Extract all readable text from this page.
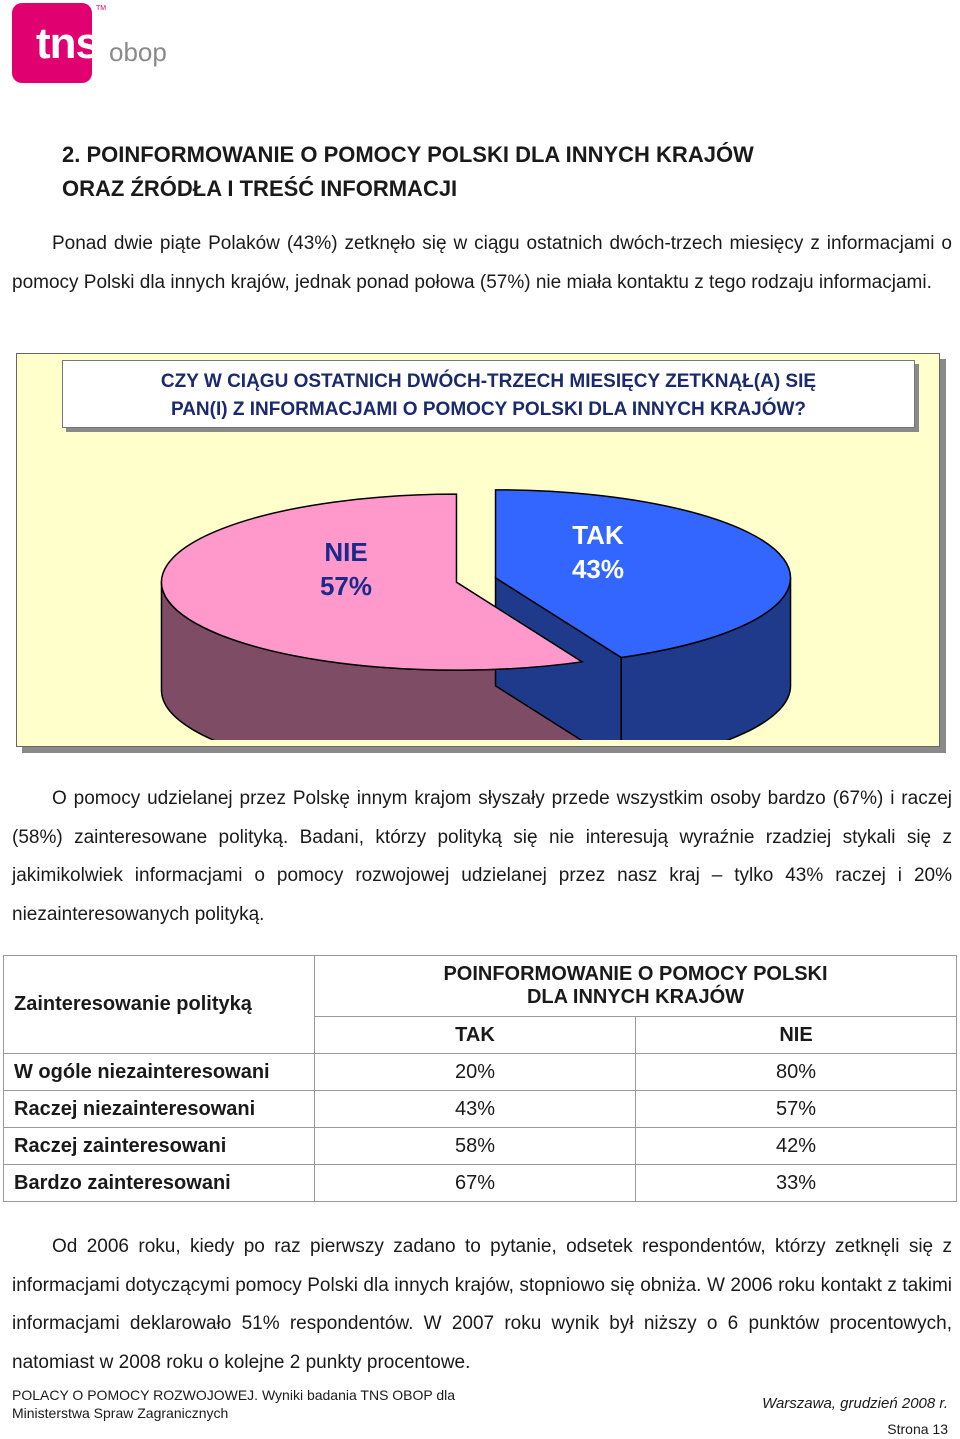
tns
TM
obop
2. POINFORMOWANIE O POMOCY POLSKI DLA INNYCH KRAJÓW
ORAZ ŹRÓDŁA I TREŚĆ INFORMACJI
Ponad dwie piąte Polaków (43%) zetknęło się w ciągu ostatnich dwóch-trzech miesięcy z informacjami o pomocy Polski dla innych krajów, jednak ponad połowa (57%) nie miała kontaktu z tego rodzaju informacjami.
CZY W CIĄGU OSTATNICH DWÓCH-TRZECH MIESIĘCY ZETKNĄŁ(A) SIĘ
PAN(I) Z INFORMACJAMI O POMOCY POLSKI DLA INNYCH KRAJÓW?
NIE
57%
TAK
43%
O pomocy udzielanej przez Polskę innym krajom słyszały przede wszystkim osoby bardzo (67%) i raczej (58%) zainteresowane polityką. Badani, którzy polityką się nie interesują wyraźnie rzadziej stykali się z jakimikolwiek informacjami o pomocy rozwojowej udzielanej przez nasz kraj – tylko 43% raczej i 20% niezainteresowanych polityką.
Zainteresowanie polityką	POINFORMOWANIE O POMOCY POLSKI
DLA INNYCH KRAJÓW	

	TAK	NIE
W ogóle niezainteresowani	20%	80%
Raczej niezainteresowani	43%	57%
Raczej zainteresowani	58%	42%
Bardzo zainteresowani	67%	33%
Od 2006 roku, kiedy po raz pierwszy zadano to pytanie, odsetek respondentów, którzy zetknęli się z informacjami dotyczącymi pomocy Polski dla innych krajów, stopniowo się obniża. W 2006 roku kontakt z takimi informacjami deklarowało 51% respondentów. W 2007 roku wynik był niższy o 6 punktów procentowych, natomiast w 2008 roku o kolejne 2 punkty procentowe.
POLACY O POMOCY ROZWOJOWEJ. Wyniki badania TNS OBOP dla
Ministerstwa Spraw Zagranicznych
Warszawa, grudzień 2008 r.
Strona 13
